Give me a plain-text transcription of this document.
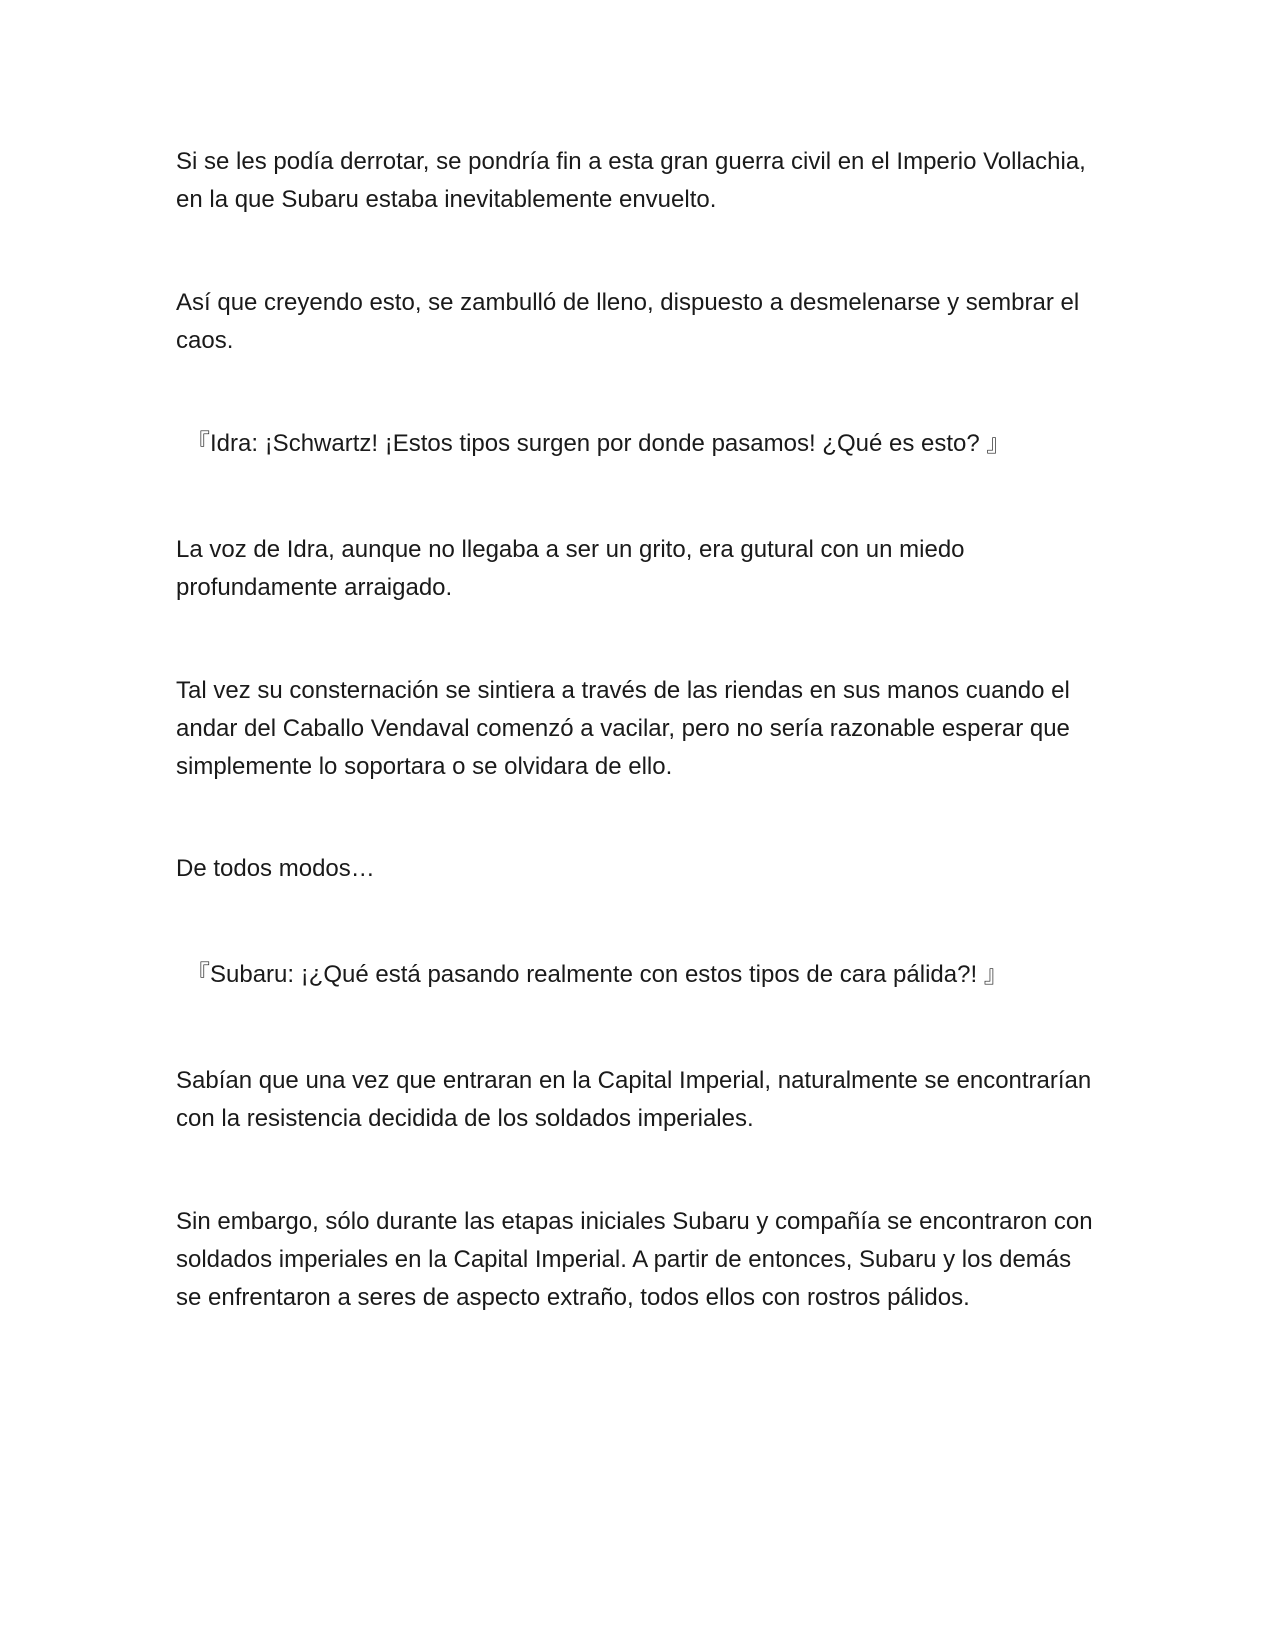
Si se les podía derrotar, se pondría fin a esta gran guerra civil en el Imperio Vollachia, en la que Subaru estaba inevitablemente envuelto.

Así que creyendo esto, se zambulló de lleno, dispuesto a desmelenarse y sembrar el caos.

『Idra: ¡Schwartz! ¡Estos tipos surgen por donde pasamos! ¿Qué es esto? 』

La voz de Idra, aunque no llegaba a ser un grito, era gutural con un miedo profundamente arraigado.

Tal vez su consternación se sintiera a través de las riendas en sus manos cuando el andar del Caballo Vendaval comenzó a vacilar, pero no sería razonable esperar que simplemente lo soportara o se olvidara de ello.

De todos modos…

『Subaru: ¡¿Qué está pasando realmente con estos tipos de cara pálida?! 』

Sabían que una vez que entraran en la Capital Imperial, naturalmente se encontrarían con la resistencia decidida de los soldados imperiales.

Sin embargo, sólo durante las etapas iniciales Subaru y compañía se encontraron con soldados imperiales en la Capital Imperial. A partir de entonces, Subaru y los demás se enfrentaron a seres de aspecto extraño, todos ellos con rostros pálidos.
